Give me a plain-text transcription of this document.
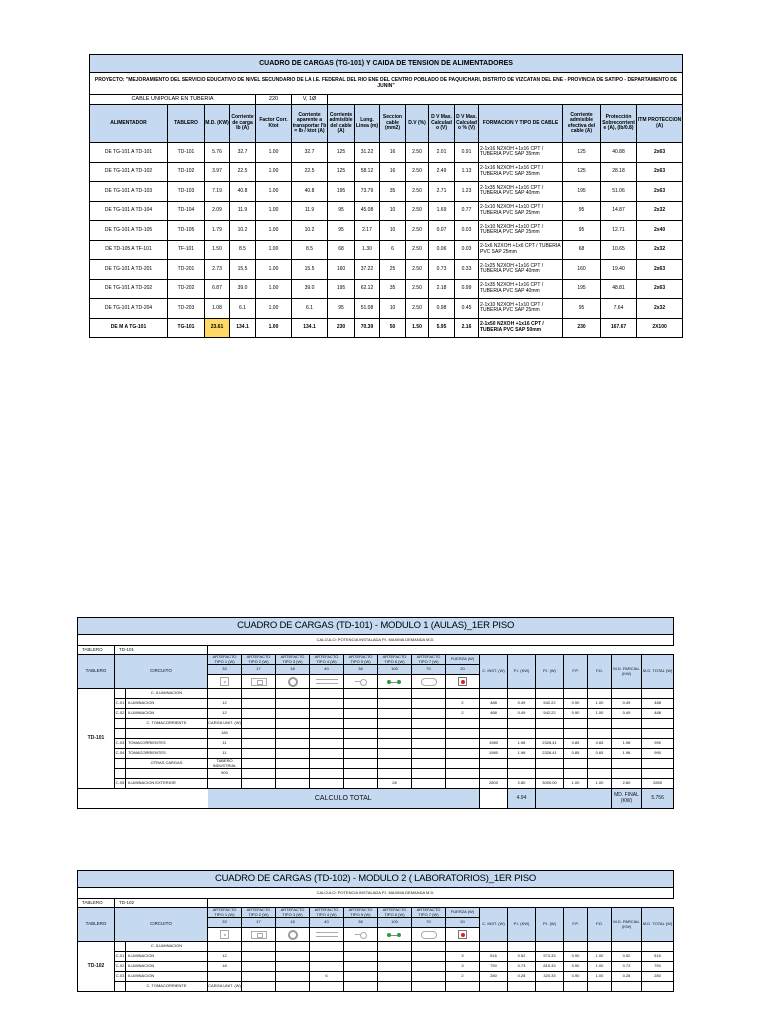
CUADRO DE CARGAS (TG-101) Y CAIDA DE TENSION DE ALIMENTADORES															
PROYECTO: "MEJORAMIENTO DEL SERVICIO EDUCATIVO DE NIVEL SECUNDARIO DE LA I.E. FEDERAL DEL RIO ENE DEL CENTRO POBLADO DE PAQUICHARI, DISTRITO DE VIZCATAN DEL ENE - PROVINCIA DE SATIPO - DEPARTAMENTO DE JUNIN"															
CABLE UNIPOLAR EN TUBERIA				220	V, 1Ø										
ALIMENTADOR	TABLERO	M.D. (KW)	Corriente de carga Ib (A)	Factor Corr. Ktot	Corriente aparente a transportar I'b = Ib / ktot (A)	Corriente admisible del cable (A)	Long. Linea (m)	Seccion cable (mm2)	D.V (%)	D V Max. Calculad o (V)	D V Max. Calculad o % (V)	FORMACION Y TIPO DE CABLE	Corriente admisible efectiva del cable (A)	Protección Sobrecorrient e (A), (Ib/0.8)	ITM PROTECCION (A)
DE TG-101 A TD-101	TD-101	5.76	32.7	1.00	32.7	125	31.22	16	2.50	2.01	0.91	2-1x16 N2XOH +1x16 CPT / TUBERIA PVC SAP 35mm	125	40.88	2x63
DE TG-101 A TD-102	TD-102	3.97	22.5	1.00	22.5	125	58.12	16	2.50	2.49	1.13	2-1x16 N2XOH +1x16 CPT / TUBERIA PVC SAP 35mm	125	28.18	2x63
DE TG-101 A TD-103	TD-103	7.19	40.8	1.00	40.8	195	73.79	35	2.50	2.71	1.23	2-1x35 N2XOH +1x16 CPT / TUBERIA PVC SAP 40mm	195	51.06	2x63
DE TG-101 A TD-104	TD-104	2.09	11.9	1.00	11.9	95	45.08	10	2.50	1.69	0.77	2-1x10 N2XOH +1x10 CPT / TUBERIA PVC SAP 25mm	95	14.87	2x32
DE TG-101 A TD-105	TD-105	1.79	10.2	1.00	10.2	95	2.17	10	2.50	0.07	0.03	2-1x10 N2XOH +1x10 CPT / TUBERIA PVC SAP 25mm	95	12.71	2x40
DE TD-105 A TF-101	TF-101	1.50	8.5	1.00	8.5	68	1.30	6	2.50	0.06	0.03	2-1x6 N2XOH +1x6 CPT / TUBERIA PVC SAP 25mm	68	10.65	2x32
DE TG-101 A TD-201	TD-201	2.73	15.5	1.00	15.5	160	37.22	25	2.50	0.73	0.33	2-1x25 N2XOH +1x16 CPT / TUBERIA PVC SAP 40mm	160	19.40	2x63
DE TG-101 A TD-202	TD-202	6.87	39.0	1.00	39.0	195	62.12	35	2.50	2.18	0.99	2-1x35 N2XOH +1x16 CPT / TUBERIA PVC SAP 40mm	195	48.81	2x63
DE TG-101 A TD-204	TD-203	1.08	6.1	1.00	6.1	95	51.08	10	2.50	0.98	0.45	2-1x10 N2XOH +1x10 CPT / TUBERIA PVC SAP 25mm	95	7.64	2x32
DE M A TG-101	TG-101	23.61	134.1	1.00	134.1	230	70.39	50	1.50	5.95	2.16	2-1x50 N2XOH +1x16 CPT / TUBERIA PVC SAP 50mm	230	167.67	2X100
CUADRO DE CARGAS (TD-101) - MODULO 1 (AULAS)_1ER PISO																	
CALCULO: POTENCIA INSTALADA P.I. MAXIMA DEMANDA M.D.																	
TABLERO	TD-101																
TABLERO	CIRCUITO		ARTEFACTO TIPO 1 (W)	ARTEFACTO TIPO 2 (W)	ARTEFACTO TIPO 3 (W)	ARTEFACTO TIPO 4 (W)	ARTEFACTO TIPO 5 (W)	ARTEFACTO TIPO 6 (W)	ARTEFACTO TIPO 7 (W)	FUERZA (W)	C. INST. (W)	P.I. (KW)	P.I. (W)	F.P.	F.D.	M.D. PARCIAL (KW)	M.D. TOTAL (W)
			33	17	18	40	38	100	70	20							

TD-101		C. ILUMINACION															
	C-01	ILUMINACION	12							2	488	0.49	542.22	0.90	1.00	0.49	488
	C-02	ILUMINACION	12							2	488	0.49	542.22	0.90	1.00	0.49	488
		C. TOMACORRIENTE	CARGA UNIT. (W)														
			180														
	C-03	TOMACORRIENTES	11								1980	1.98	2326.41	0.85	0.65	1.98	990
	C-04	TOMACORRIENTES	11								1980	1.98	2326.41	0.85	0.65	1.98	990
		OTRAS CARGAS	TABERO INDUSTRIAL														
			900														
	C-05	ILUMINACION EXTERIOR						28			2800	2.80	3000.00	1.00	1.00	2.80	2800
			CALCULO TOTAL									4.94				MD. FINAL (KW)	5.756
CUADRO DE CARGAS (TD-102) - MODULO 2 ( LABORATORIOS)_1ER PISO																	
CALCULO: POTENCIA INSTALADA P.I. MAXIMA DEMANDA M.D.																	
TABLERO	TD-102																
TABLERO	CIRCUITO		ARTEFACTO TIPO 1 (W)	ARTEFACTO TIPO 2 (W)	ARTEFACTO TIPO 3 (W)	ARTEFACTO TIPO 4 (W)	ARTEFACTO TIPO 5 (W)	ARTEFACTO TIPO 6 (W)	ARTEFACTO TIPO 7 (W)	FUERZA (W)	C. INST. (W)	P.I. (KW)	P.I. (W)	F.P.	F.D.	M.D. PARCIAL (KW)	M.D. TOTAL (W)
			33	17	18	40	38	100	70	20							

TD-102		C. ILUMINACION															
	C-01	ILUMINACION	12							3	516	0.52	573.33	0.90	1.00	0.52	516
	C-02	ILUMINACION	18							3	750	0.73	815.33	0.90	1.00	0.73	750
	C-03	ILUMINACION				6				2	280	0.28	320.33	0.90	1.00	0.28	280
		C. TOMACORRIENTE	CARGA UNIT. (W)														
